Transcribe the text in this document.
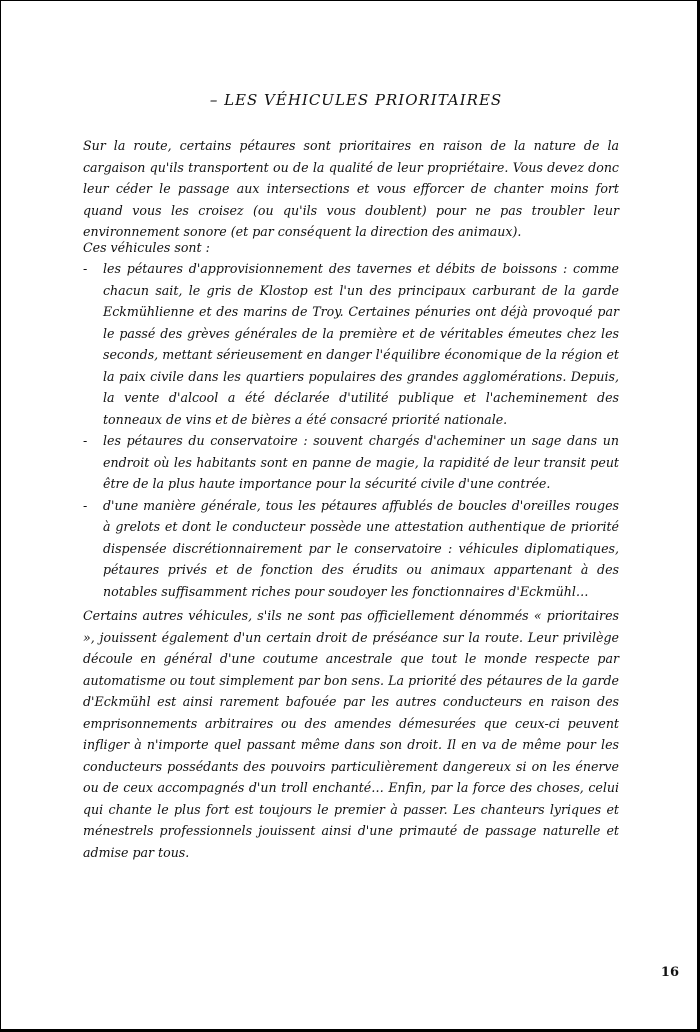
– LES VÉHICULES PRIORITAIRES

Sur la route, certains pétaures sont prioritaires en raison de la nature de la cargaison qu'ils transportent ou de la qualité de leur propriétaire. Vous devez donc leur céder le passage aux intersections et vous efforcer de chanter moins fort quand vous les croisez (ou qu'ils vous doublent) pour ne pas troubler leur environnement sonore (et par conséquent la direction des animaux).

Ces véhicules sont :

- les pétaures d'approvisionnement des tavernes et débits de boissons : comme chacun sait, le gris de Klostop est l'un des principaux carburant de la garde Eckmühlienne et des marins de Troy. Certaines pénuries ont déjà provoqué par le passé des grèves générales de la première et de véritables émeutes chez les seconds, mettant sérieusement en danger l'équilibre économique de la région et la paix civile dans les quartiers populaires des grandes agglomérations. Depuis, la vente d'alcool a été déclarée d'utilité publique et l'acheminement des tonneaux de vins et de bières a été consacré priorité nationale.
- les pétaures du conservatoire : souvent chargés d'acheminer un sage dans un endroit où les habitants sont en panne de magie, la rapidité de leur transit peut être de la plus haute importance pour la sécurité civile d'une contrée.
- d'une manière générale, tous les pétaures affublés de boucles d'oreilles rouges à grelots et dont le conducteur possède une attestation authentique de priorité dispensée discrétionnairement par le conservatoire : véhicules diplomatiques, pétaures privés et de fonction des érudits ou animaux appartenant à des notables suffisamment riches pour soudoyer les fonctionnaires d'Eckmühl…

Certains autres véhicules, s'ils ne sont pas officiellement dénommés « prioritaires », jouissent également d'un certain droit de préséance sur la route. Leur privilège découle en général d'une coutume ancestrale que tout le monde respecte par automatisme ou tout simplement par bon sens. La priorité des pétaures de la garde d'Eckmühl est ainsi rarement bafouée par les autres conducteurs en raison des emprisonnements arbitraires ou des amendes démesurées que ceux-ci peuvent infliger à n'importe quel passant même dans son droit. Il en va de même pour les conducteurs possédants des pouvoirs particulièrement dangereux si on les énerve ou de ceux accompagnés d'un troll enchanté… Enfin, par la force des choses, celui qui chante le plus fort est toujours le premier à passer. Les chanteurs lyriques et ménestrels professionnels jouissent ainsi d'une primauté de passage naturelle et admise par tous.

16
